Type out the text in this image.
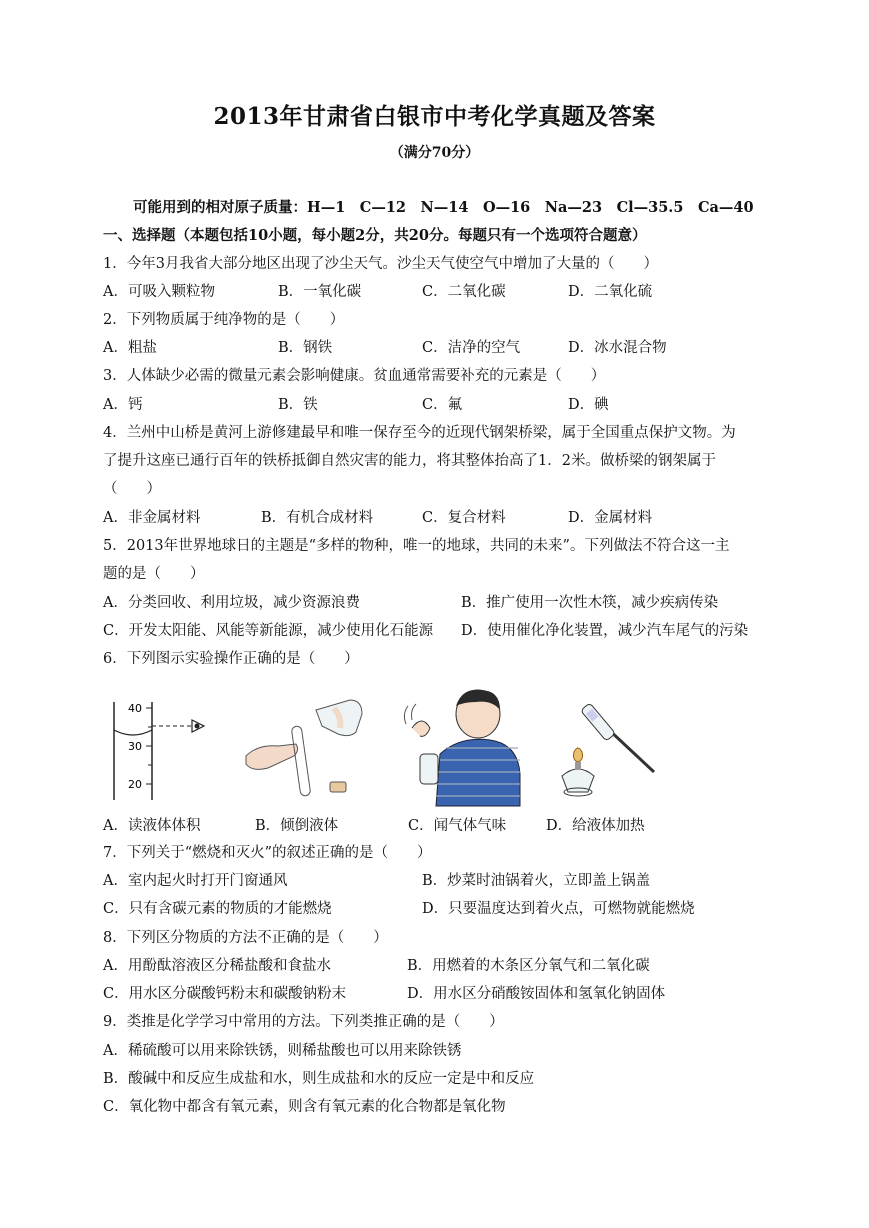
2013年甘肃省白银市中考化学真题及答案
（满分70分）
可能用到的相对原子质量：H—1　C—12　N—14　O—16　Na—23　Cl—35.5　Ca—40
一、选择题（本题包括10小题，每小题2分，共20分。每题只有一个选项符合题意）
1．今年3月我省大部分地区出现了沙尘天气。沙尘天气使空气中增加了大量的（　　）
A．可吸入颗粒物	B．一氧化碳	C．二氧化碳	D．二氧化硫
2．下列物质属于纯净物的是（　　）
A．粗盐	B．钢铁	C．洁净的空气	D．冰水混合物
3．人体缺少必需的微量元素会影响健康。贫血通常需要补充的元素是（　　）
A．钙	B．铁	C．氟	D．碘
4．兰州中山桥是黄河上游修建最早和唯一保存至今的近现代钢架桥梁，属于全国重点保护文物。为
了提升这座已通行百年的铁桥抵御自然灾害的能力，将其整体抬高了1．2米。做桥梁的钢架属于
（　　）
A．非金属材料	B．有机合成材料	C．复合材料	D．金属材料
5．2013年世界地球日的主题是“多样的物种，唯一的地球，共同的未来”。下列做法不符合这一主
题的是（　　）
A．分类回收、利用垃圾，减少资源浪费	B．推广使用一次性木筷，减少疾病传染
C．开发太阳能、风能等新能源，减少使用化石能源 D．使用催化净化装置，减少汽车尾气的污染
6．下列图示实验操作正确的是（　　）
40
30
20
A．读液体体积	B．倾倒液体	C．闻气体气味	D．给液体加热
7．下列关于“燃烧和灭火”的叙述正确的是（　　）
A．室内起火时打开门窗通风	B．炒菜时油锅着火，立即盖上锅盖
C．只有含碳元素的物质的才能燃烧	D．只要温度达到着火点，可燃物就能燃烧
8．下列区分物质的方法不正确的是（　　）
A．用酚酞溶液区分稀盐酸和食盐水	B．用燃着的木条区分氧气和二氧化碳
C．用水区分碳酸钙粉末和碳酸钠粉末	D．用水区分硝酸铵固体和氢氧化钠固体
9．类推是化学学习中常用的方法。下列类推正确的是（　　）
A．稀硫酸可以用来除铁锈，则稀盐酸也可以用来除铁锈
B．酸碱中和反应生成盐和水，则生成盐和水的反应一定是中和反应
C．氧化物中都含有氧元素，则含有氧元素的化合物都是氧化物
